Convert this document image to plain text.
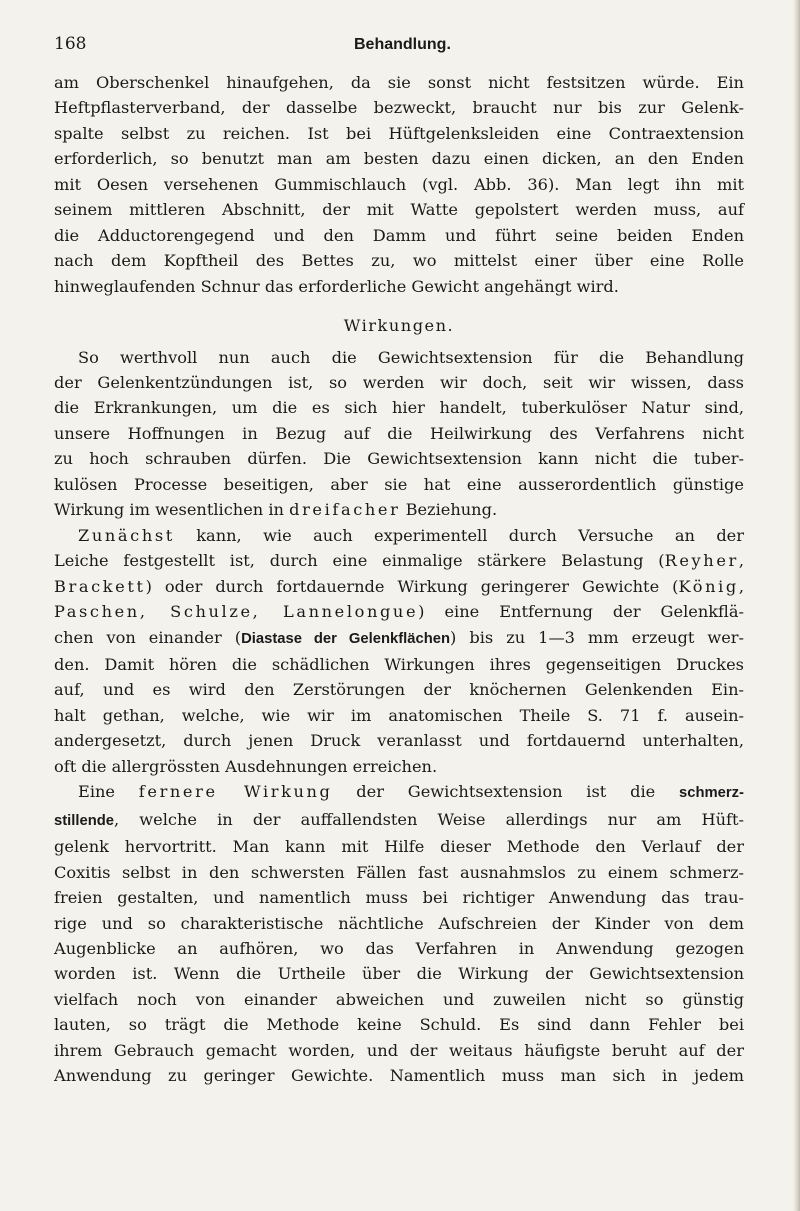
168	Behandlung.

am Oberschenkel hinaufgehen, da sie sonst nicht festsitzen würde. Ein

Heftpflasterverband, der dasselbe bezweckt, braucht nur bis zur Gelenk-

spalte selbst zu reichen. Ist bei Hüftgelenksleiden eine Contraextension

erforderlich, so benutzt man am besten dazu einen dicken, an den Enden

mit Oesen versehenen Gummischlauch (vgl. Abb. 36). Man legt ihn mit

seinem mittleren Abschnitt, der mit Watte gepolstert werden muss, auf

die Adductorengegend und den Damm und führt seine beiden Enden

nach dem Kopftheil des Bettes zu, wo mittelst einer über eine Rolle

hinweglaufenden Schnur das erforderliche Gewicht angehängt wird.

Wirkungen.

So werthvoll nun auch die Gewichtsextension für die Behandlung

der Gelenkentzündungen ist, so werden wir doch, seit wir wissen, dass

die Erkrankungen, um die es sich hier handelt, tuberkulöser Natur sind,

unsere Hoffnungen in Bezug auf die Heilwirkung des Verfahrens nicht

zu hoch schrauben dürfen. Die Gewichtsextension kann nicht die tuber-

kulösen Processe beseitigen, aber sie hat eine ausserordentlich günstige

Wirkung im wesentlichen in dreifacher Beziehung.

Zunächst kann, wie auch experimentell durch Versuche an der

Leiche festgestellt ist, durch eine einmalige stärkere Belastung (Reyher,

Brackett) oder durch fortdauernde Wirkung geringerer Gewichte (König,

Paschen, Schulze, Lannelongue) eine Entfernung der Gelenkflä-

chen von einander (Diastase der Gelenkflächen) bis zu 1—3 mm erzeugt wer-

den. Damit hören die schädlichen Wirkungen ihres gegenseitigen Druckes

auf, und es wird den Zerstörungen der knöchernen Gelenkenden Ein-

halt gethan, welche, wie wir im anatomischen Theile S. 71 f. ausein-

andergesetzt, durch jenen Druck veranlasst und fortdauernd unterhalten,

oft die allergrössten Ausdehnungen erreichen.

Eine fernere Wirkung der Gewichtsextension ist die schmerz-

stillende, welche in der auffallendsten Weise allerdings nur am Hüft-

gelenk hervortritt. Man kann mit Hilfe dieser Methode den Verlauf der

Coxitis selbst in den schwersten Fällen fast ausnahmslos zu einem schmerz-

freien gestalten, und namentlich muss bei richtiger Anwendung das trau-

rige und so charakteristische nächtliche Aufschreien der Kinder von dem

Augenblicke an aufhören, wo das Verfahren in Anwendung gezogen

worden ist. Wenn die Urtheile über die Wirkung der Gewichtsextension

vielfach noch von einander abweichen und zuweilen nicht so günstig

lauten, so trägt die Methode keine Schuld. Es sind dann Fehler bei

ihrem Gebrauch gemacht worden, und der weitaus häufigste beruht auf der

Anwendung zu geringer Gewichte. Namentlich muss man sich in jedem
